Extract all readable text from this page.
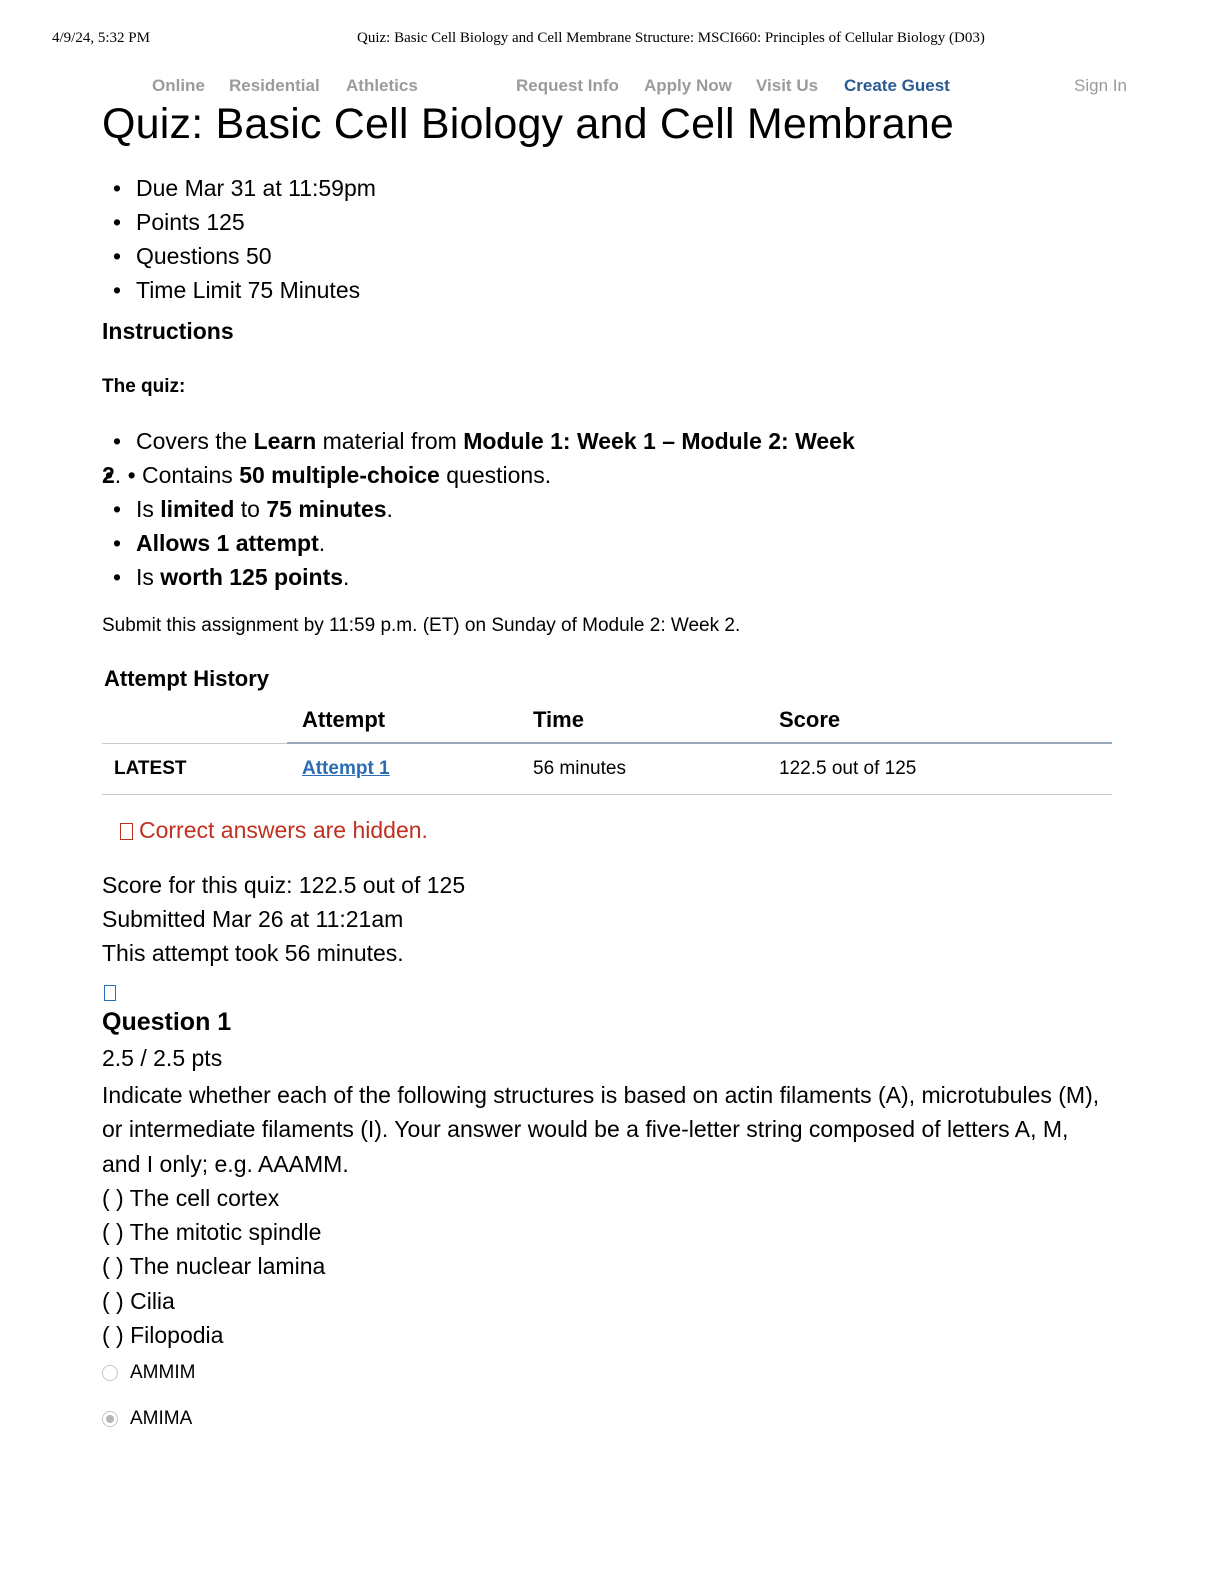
4/9/24, 5:32 PM	Quiz: Basic Cell Biology and Cell Membrane Structure: MSCI660: Principles of Cellular Biology (D03)
Online Residential Athletics	Request Info Apply Now Visit Us Create Guest	Sign In
Quiz: Basic Cell Biology and Cell Membrane
• Due Mar 31 at 11:59pm
• Points 125
• Questions 50
• Time Limit 75 Minutes
Instructions
The quiz:
• Covers the Learn material from Module 1: Week 1 – Module 2: Week
• 2. • Contains 50 multiple-choice questions.
• Is limited to 75 minutes.
• Allows 1 attempt.
• Is worth 125 points.
Submit this assignment by 11:59 p.m. (ET) on Sunday of Module 2: Week 2.
Attempt History
	Attempt	Time	Score
LATEST	Attempt 1	56 minutes	122.5 out of 125
Correct answers are hidden.
Score for this quiz: 122.5 out of 125
Submitted Mar 26 at 11:21am
This attempt took 56 minutes.
Question 1
2.5 / 2.5 pts

Indicate whether each of the following structures is based on actin filaments (A), microtubules (M), or intermediate filaments (I). Your answer would be a five-letter string composed of letters A, M, and I only; e.g. AAAMM.

( ) The cell cortex

( ) The mitotic spindle

( ) The nuclear lamina

( ) Cilia

( ) Filopodia

AMMIM
AMIMA
